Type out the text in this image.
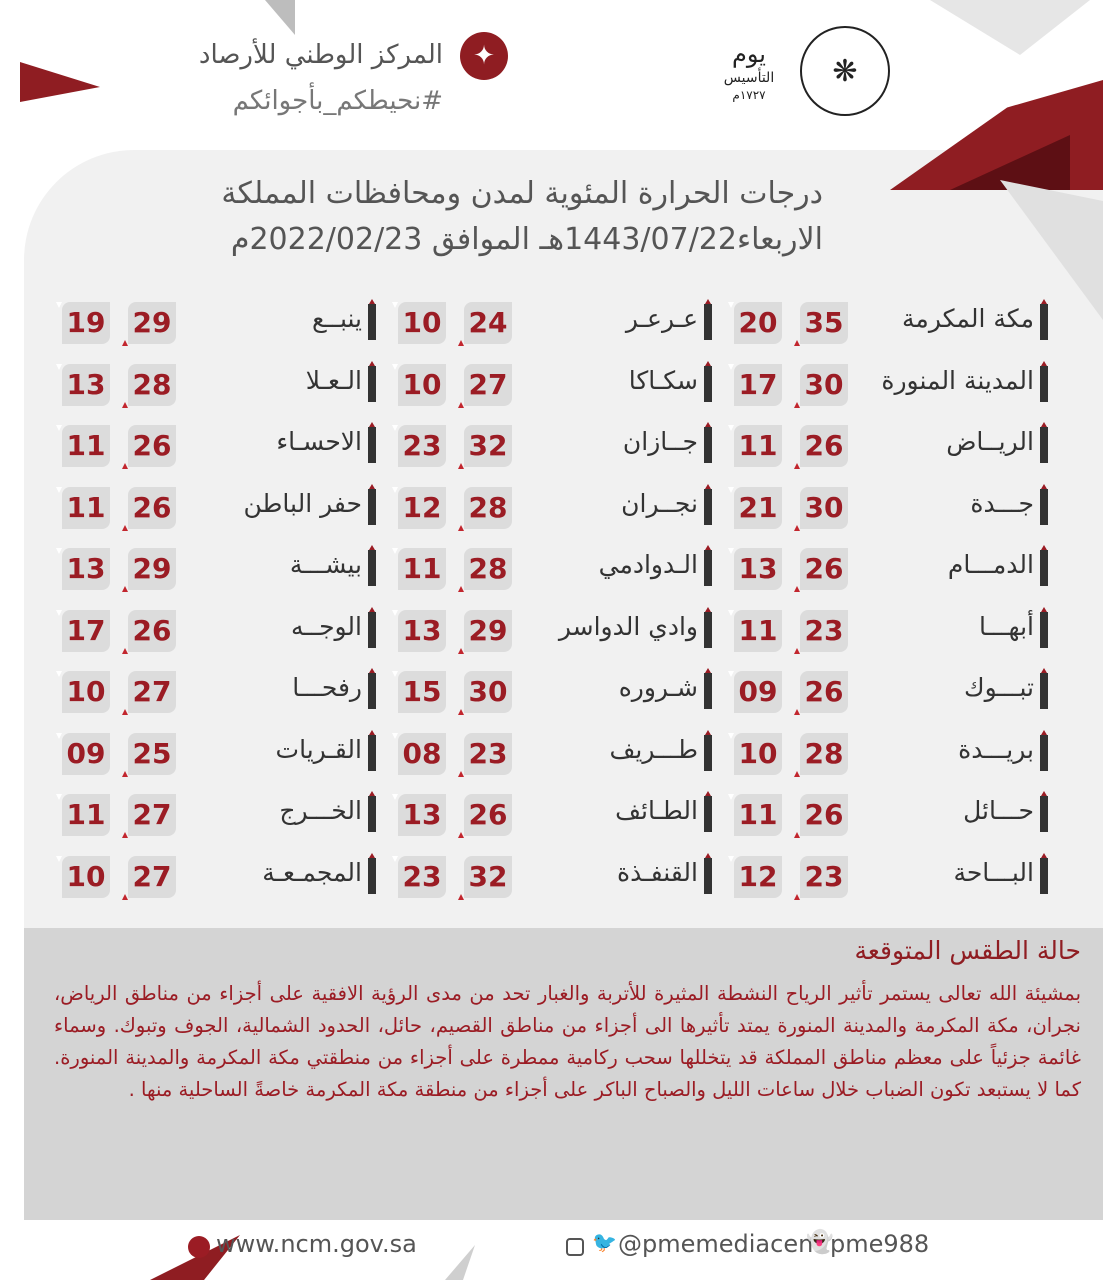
✦
المركز الوطني للأرصاد
#نحيطكم_بأجوائكم
❋
يوم
التأسيس
١٧٢٧م
درجات الحرارة المئوية لمدن ومحافظات المملكة
الاربعاء1443/07/22هـ الموافق 2022/02/23م
مكة المكرمة
35
20
عـرعـر
24
10
ينبــع
29
19
المدينة المنورة
30
17
سكـاكا
27
10
الـعـلا
28
13
الريــاض
26
11
جــازان
32
23
الاحسـاء
26
11
جـــدة
30
21
نجــران
28
12
حفر الباطن
26
11
الدمـــام
26
13
الـدوادمي
28
11
بيشـــة
29
13
أبهـــا
23
11
وادي الدواسر
29
13
الوجــه
26
17
تبـــوك
26
09
شـروره
30
15
رفحـــا
27
10
بريـــدة
28
10
طـــريف
23
08
القـريات
25
09
حـــائل
26
11
الطـائف
26
13
الخـــرج
27
11
البـــاحة
23
12
القنفـذة
32
23
المجمـعـة
27
10
حالة الطقس المتوقعة
بمشيئة الله تعالى يستمر تأثير الرياح النشطة المثيرة للأتربة والغبار تحد من مدى الرؤية الافقية على أجزاء من مناطق الرياض، نجران، مكة المكرمة والمدينة المنورة يمتد تأثيرها الى أجزاء من مناطق القصيم، حائل، الحدود الشمالية، الجوف وتبوك. وسماء غائمة جزئياً على معظم مناطق المملكة قد يتخللها سحب ركامية ممطرة على أجزاء من منطقتي مكة المكرمة والمدينة المنورة. كما لا يستبعد تكون الضباب خلال ساعات الليل والصباح الباكر على أجزاء من منطقة مكة المكرمة خاصةً الساحلية منها .
www.ncm.gov.sa	🐦 @pmemediacen
👻
pme988
